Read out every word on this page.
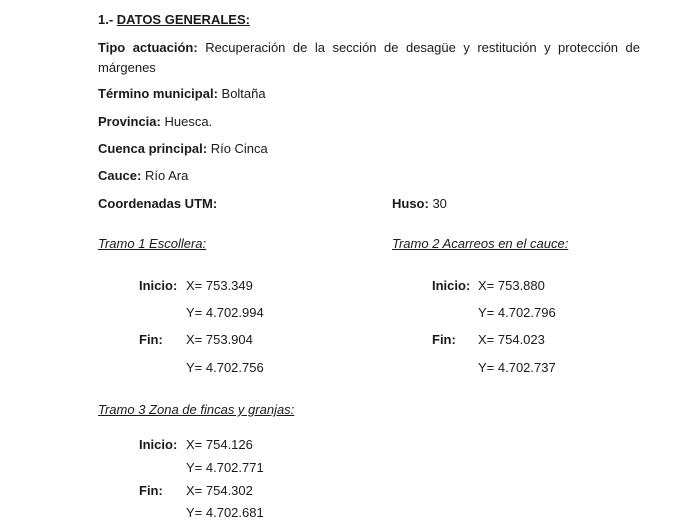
1.- DATOS GENERALES:
Tipo actuación: Recuperación de la sección de desagüe y restitución y protección de márgenes
Término municipal: Boltaña
Provincia: Huesca.
Cuenca principal: Río Cinca
Cauce: Río Ara
Coordenadas UTM:	Huso: 30
Tramo 1 Escollera:
Inicio: X= 753.349
Y= 4.702.994
Fin: X= 753.904
Y= 4.702.756
Tramo 2 Acarreos en el cauce:
Inicio: X= 753.880
Y= 4.702.796
Fin: X= 754.023
Y= 4.702.737
Tramo 3 Zona de fincas y granjas:
Inicio: X= 754.126
Y= 4.702.771
Fin: X= 754.302
Y= 4.702.681
